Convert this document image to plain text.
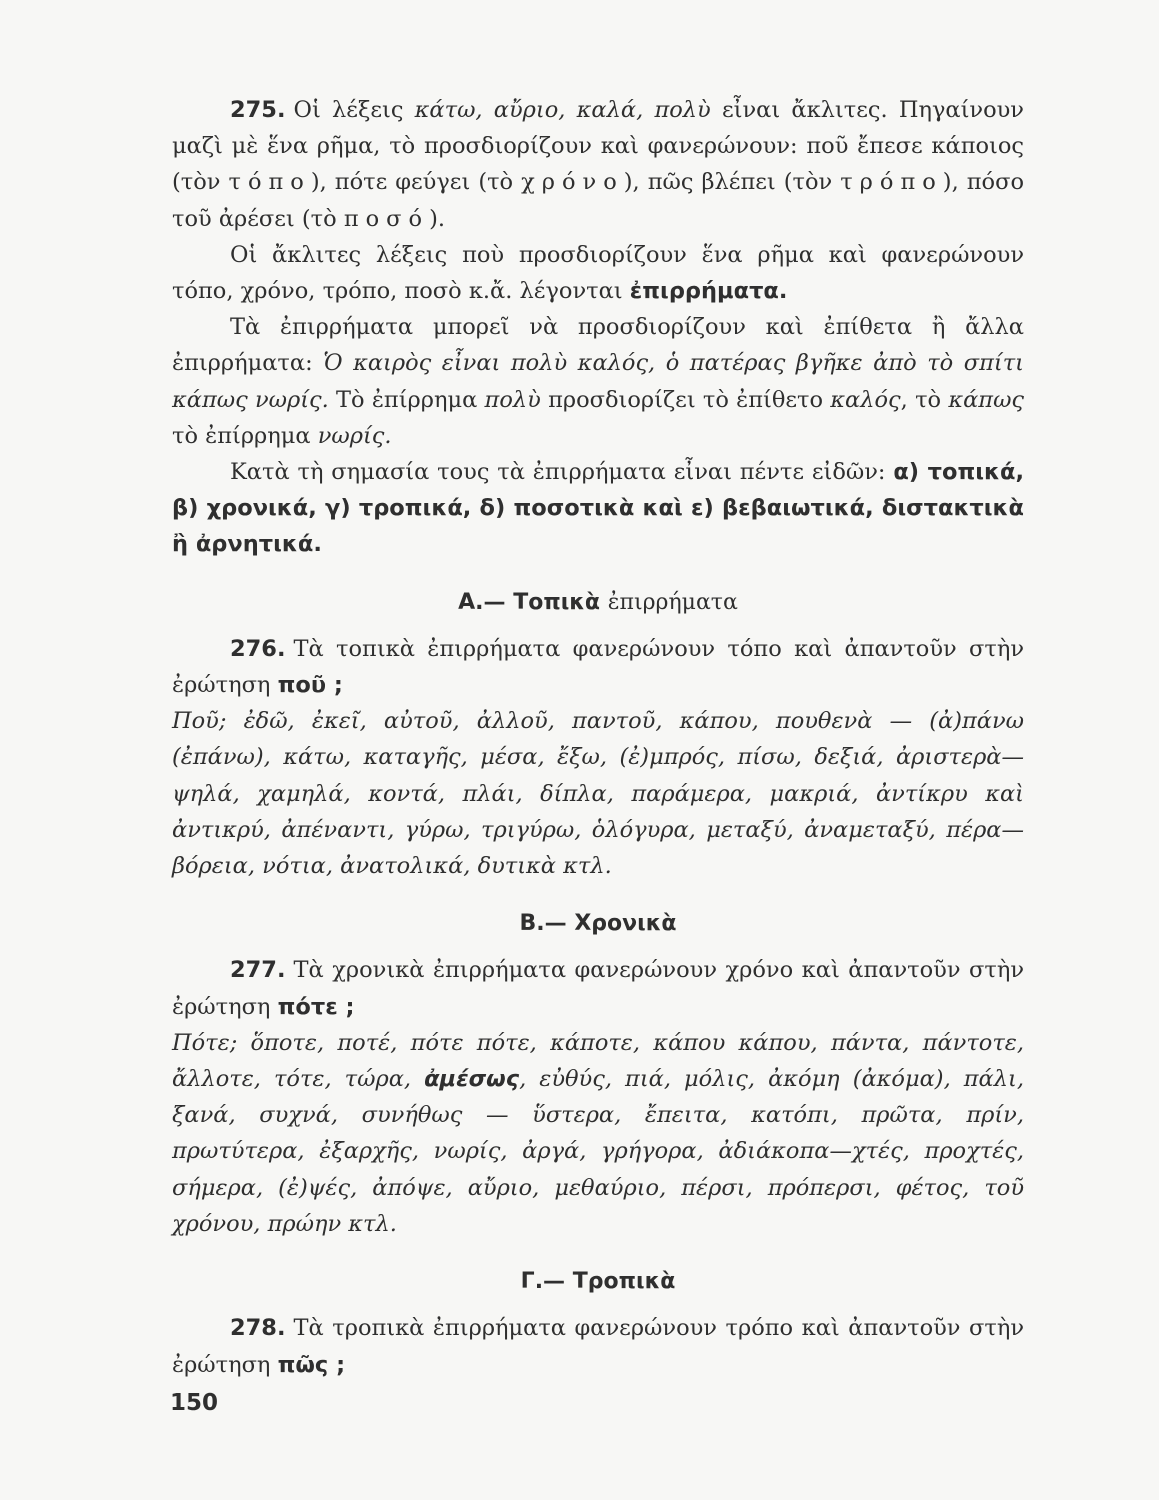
275. Οἱ λέξεις κάτω, αὔριο, καλά, πολὺ εἶναι ἄκλιτες. Πηγαίνουν μαζὶ μὲ ἕνα ρῆμα, τὸ προσδιορίζουν καὶ φανερώνουν: ποῦ ἔπεσε κάποιος (τὸν τόπο), πότε φεύγει (τὸ χρόνο), πῶς βλέπει (τὸν τρόπο), πόσο τοῦ ἀρέσει (τὸ ποσό).

Οἱ ἄκλιτες λέξεις ποὺ προσδιορίζουν ἕνα ρῆμα καὶ φανερώνουν τόπο, χρόνο, τρόπο, ποσὸ κ.ἄ. λέγονται ἐπιρρήματα.

Τὰ ἐπιρρήματα μπορεῖ νὰ προσδιορίζουν καὶ ἐπίθετα ἢ ἄλλα ἐπιρρήματα: Ὁ καιρὸς εἶναι πολὺ καλός, ὁ πατέρας βγῆκε ἀπὸ τὸ σπίτι κάπως νωρίς. Τὸ ἐπίρρημα πολὺ προσδιορίζει τὸ ἐπίθετο καλός, τὸ κάπως τὸ ἐπίρρημα νωρίς.

Κατὰ τὴ σημασία τους τὰ ἐπιρρήματα εἶναι πέντε εἰδῶν: α) τοπικά, β) χρονικά, γ) τροπικά, δ) ποσοτικὰ καὶ ε) βεβαιωτικά, διστακτικὰ ἢ ἀρνητικά.

Α.— Τοπικὰ ἐπιρρήματα

276. Τὰ τοπικὰ ἐπιρρήματα φανερώνουν τόπο καὶ ἀπαντοῦν στὴν ἐρώτηση ποῦ ;

Ποῦ; ἐδῶ, ἐκεῖ, αὐτοῦ, ἀλλοῦ, παντοῦ, κάπου, πουθενὰ — (ἀ)πάνω (ἐπάνω), κάτω, καταγῆς, μέσα, ἔξω, (ἐ)μπρός, πίσω, δεξιά, ἀριστερὰ—ψηλά, χαμηλά, κοντά, πλάι, δίπλα, παράμερα, μακριά, ἀντίκρυ καὶ ἀντικρύ, ἀπέναντι, γύρω, τριγύρω, ὁλόγυρα, μεταξύ, ἀναμεταξύ, πέρα—βόρεια, νότια, ἀνατολικά, δυτικὰ κτλ.

Β.— Χρονικὰ

277. Τὰ χρονικὰ ἐπιρρήματα φανερώνουν χρόνο καὶ ἀπαντοῦν στὴν ἐρώτηση πότε ;

Πότε; ὅποτε, ποτέ, πότε πότε, κάποτε, κάπου κάπου, πάντα, πάντοτε, ἄλλοτε, τότε, τώρα, ἀμέσως, εὐθύς, πιά, μόλις, ἀκόμη (ἀκόμα), πάλι, ξανά, συχνά, συνήθως — ὕστερα, ἔπειτα, κατόπι, πρῶτα, πρίν, πρωτύτερα, ἐξαρχῆς, νωρίς, ἀργά, γρήγορα, ἀδιάκοπα—χτές, προχτές, σήμερα, (ἐ)ψές, ἀπόψε, αὔριο, μεθαύριο, πέρσι, πρόπερσι, φέτος, τοῦ χρόνου, πρώην κτλ.

Γ.— Τροπικὰ

278. Τὰ τροπικὰ ἐπιρρήματα φανερώνουν τρόπο καὶ ἀπαντοῦν στὴν ἐρώτηση πῶς ;

150
